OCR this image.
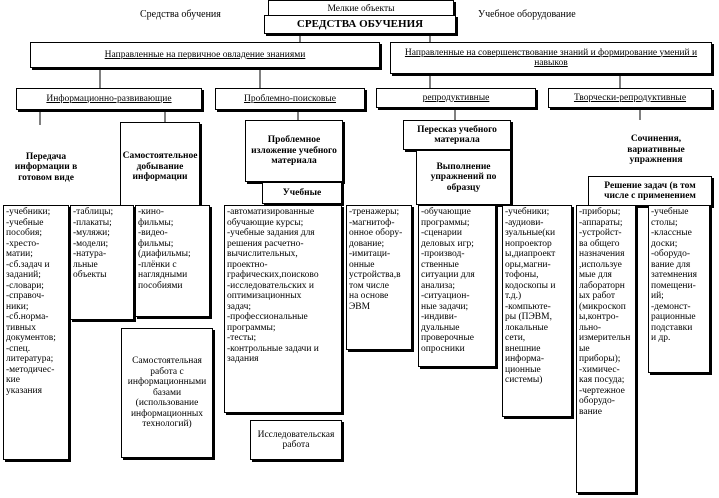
Средства обучения	Учебное оборудование
Мелкие объекты
СРЕДСТВА ОБУЧЕНИЯ
Направленные на первичное овладение знаниями	Направленные на совершенствование знаний и формирование умений и навыков
Информационно-развивающие	Проблемно-поисковые	репродуктивные	Творчески-репродуктивные
Передача информации в готовом виде
Самостоятельное добывание информации
Проблемное изложение учебного материала
Учебные
Пересказ учебного материала
Выполнение упражнений по образцу
Сочинения, вариативные упражнения
Решение задач (в том числе с применением
-учебники;
-учебные
пособия;
-хресто-
матии;
-сб.задач и
заданий;
-словари;
-справоч-
ники;
-сб.норма-
тивных
документов;
-спец.
литература;
-методичес-
кие
указания
-таблицы;
-плакаты;
-муляжи;
-модели;
-натура-
льные
объекты
-кино-
фильмы;
-видео-
фильмы;
(диафильмы;
-плёнки с
наглядными
пособиями
Самостоятельная работа с информационными базами (использование информационных технологий)
-автоматизированные
обучающие курсы;
-учебные задания для
решения расчетно-
вычислительных,
проектно-
графических,поисково
-исследовательских и
оптимизационных
задач;
-профессиональные
программы;
-тесты;
-контрольные задачи и
задания
Исследовательская работа
-тренажеры;
-магнитоф-
онное обору-
дование;
-имитаци-
онные
устройства,в
том числе
на основе
ЭВМ
-обучающие
программы;
-сценарии
деловых игр;
-производ-
ственные
ситуации для
анализа;
-ситуацион-
ные задачи;
-индиви-
дуальные
проверочные
опросники
-учебники;
-аудиови-
зуальные(ки
нопроектор
ы,диапроект
оры,магни-
тофоны,
кодоскопы и
т.д.)
-компьюте-
ры (ПЭВМ,
локальные
сети,
внешние
информа-
ционные
системы)
-приборы;
-аппараты;
-устройст-
ва общего
назначения
,используе
мые для
лабораторн
ых работ
(микроскоп
ы,контро-
льно-
измерительн
ые
приборы);
-химичес-
кая посуда;
-чертежное
оборудо-
вание
-учебные
столы;
-классные
доски;
-оборудо-
вание для
затемнения
помещени-
ий;
-демонст-
рационные
подставки
и др.
